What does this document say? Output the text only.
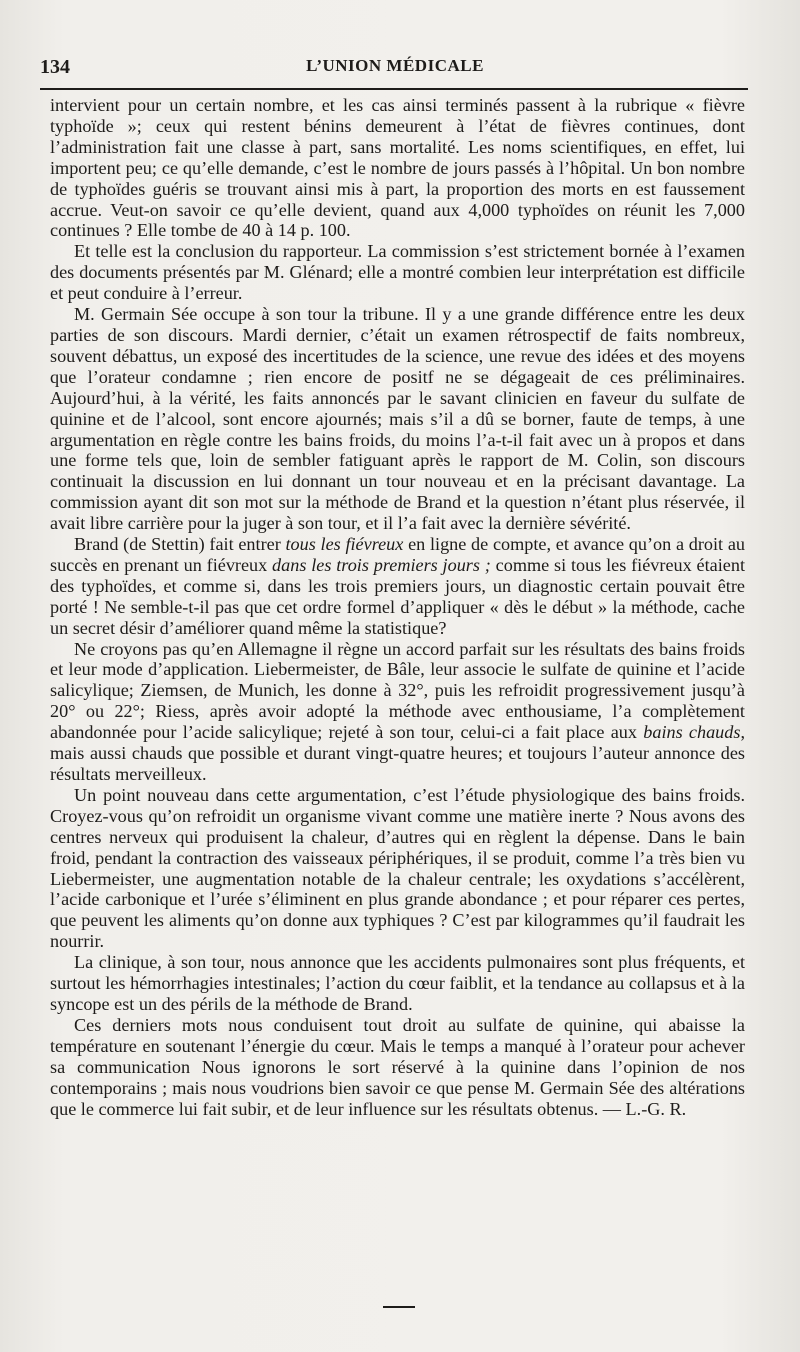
134	L’UNION MÉDICALE

intervient pour un certain nombre, et les cas ainsi terminés passent à la rubrique « fièvre typhoïde »; ceux qui restent bénins demeurent à l’état de fièvres continues, dont l’administration fait une classe à part, sans mortalité. Les noms scientifiques, en effet, lui importent peu; ce qu’elle demande, c’est le nombre de jours passés à l’hôpital. Un bon nombre de typhoïdes guéris se trouvant ainsi mis à part, la proportion des morts en est faussement accrue. Veut-on savoir ce qu’elle devient, quand aux 4,000 typhoïdes on réunit les 7,000 continues ? Elle tombe de 40 à 14 p. 100.

Et telle est la conclusion du rapporteur. La commission s’est strictement bornée à l’examen des documents présentés par M. Glénard; elle a montré combien leur interprétation est difficile et peut conduire à l’erreur.

M. Germain Sée occupe à son tour la tribune. Il y a une grande différence entre les deux parties de son discours. Mardi dernier, c’était un examen rétrospectif de faits nombreux, souvent débattus, un exposé des incertitudes de la science, une revue des idées et des moyens que l’orateur condamne ; rien encore de positf ne se dégageait de ces préliminaires. Aujourd’hui, à la vérité, les faits annoncés par le savant clinicien en faveur du sulfate de quinine et de l’alcool, sont encore ajournés; mais s’il a dû se borner, faute de temps, à une argumentation en règle contre les bains froids, du moins l’a-t-il fait avec un à propos et dans une forme tels que, loin de sembler fatiguant après le rapport de M. Colin, son discours continuait la discussion en lui donnant un tour nouveau et en la précisant davantage. La commission ayant dit son mot sur la méthode de Brand et la question n’étant plus réservée, il avait libre carrière pour la juger à son tour, et il l’a fait avec la dernière sévérité.

Brand (de Stettin) fait entrer tous les fiévreux en ligne de compte, et avance qu’on a droit au succès en prenant un fiévreux dans les trois premiers jours ; comme si tous les fiévreux étaient des typhoïdes, et comme si, dans les trois premiers jours, un diagnostic certain pouvait être porté ! Ne semble-t-il pas que cet ordre formel d’appliquer « dès le début » la méthode, cache un secret désir d’améliorer quand même la statistique?

Ne croyons pas qu’en Allemagne il règne un accord parfait sur les résultats des bains froids et leur mode d’application. Liebermeister, de Bâle, leur associe le sulfate de quinine et l’acide salicylique; Ziemsen, de Munich, les donne à 32°, puis les refroidit progressivement jusqu’à 20° ou 22°; Riess, après avoir adopté la méthode avec enthousiame, l’a complètement abandonnée pour l’acide salicylique; rejeté à son tour, celui-ci a fait place aux bains chauds, mais aussi chauds que possible et durant vingt-quatre heures; et toujours l’auteur annonce des résultats merveilleux.

Un point nouveau dans cette argumentation, c’est l’étude physiologique des bains froids. Croyez-vous qu’on refroidit un organisme vivant comme une matière inerte ? Nous avons des centres nerveux qui produisent la chaleur, d’autres qui en règlent la dépense. Dans le bain froid, pendant la contraction des vaisseaux périphériques, il se produit, comme l’a très bien vu Liebermeister, une augmentation notable de la chaleur centrale; les oxydations s’accélèrent, l’acide carbonique et l’urée s’éliminent en plus grande abondance ; et pour réparer ces pertes, que peuvent les aliments qu’on donne aux typhiques ? C’est par kilogrammes qu’il faudrait les nourrir.

La clinique, à son tour, nous annonce que les accidents pulmonaires sont plus fréquents, et surtout les hémorrhagies intestinales; l’action du cœur faiblit, et la tendance au collapsus et à la syncope est un des périls de la méthode de Brand.

Ces derniers mots nous conduisent tout droit au sulfate de quinine, qui abaisse la température en soutenant l’énergie du cœur. Mais le temps a manqué à l’orateur pour achever sa communication Nous ignorons le sort réservé à la quinine dans l’opinion de nos contemporains ; mais nous voudrions bien savoir ce que pense M. Germain Sée des altérations que le commerce lui fait subir, et de leur influence sur les résultats obtenus. — L.-G. R.
